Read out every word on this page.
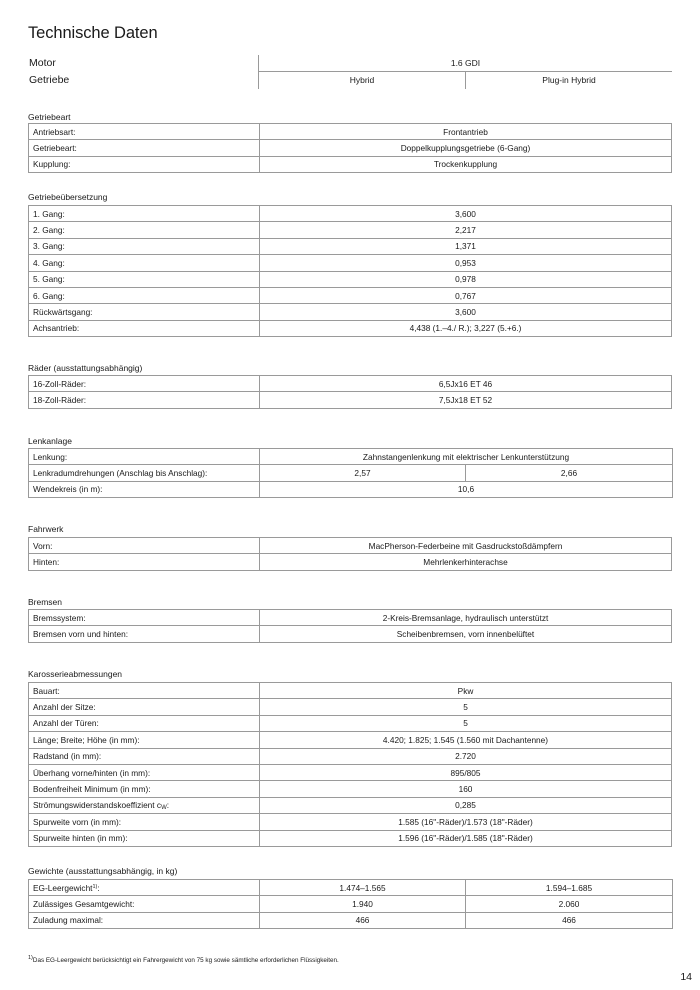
Technische Daten
Motor	1.6 GDI
Getriebe	Hybrid	Plug-in Hybrid
Getriebeart
Antriebsart:	Frontantrieb
Getriebeart:	Doppelkupplungsgetriebe (6-Gang)
Kupplung:	Trockenkupplung
Getriebeübersetzung
1. Gang:	3,600
2. Gang:	2,217
3. Gang:	1,371
4. Gang:	0,953
5. Gang:	0,978
6. Gang:	0,767
Rückwärtsgang:	3,600
Achsantrieb:	4,438 (1.–4./ R.); 3,227 (5.+6.)
Räder (ausstattungsabhängig)
16-Zoll-Räder:	6,5Jx16 ET 46
18-Zoll-Räder:	7,5Jx18 ET 52
Lenkanlage
Lenkung:	Zahnstangenlenkung mit elektrischer Lenkunterstützung	
Lenkradumdrehungen (Anschlag bis Anschlag):	2,57	2,66
Wendekreis (in m):	10,6	
Fahrwerk
Vorn:	MacPherson-Federbeine mit Gasdruckstoßdämpfern
Hinten:	Mehrlenkerhinterachse
Bremsen
Bremssystem:	2-Kreis-Bremsanlage, hydraulisch unterstützt
Bremsen vorn und hinten:	Scheibenbremsen, vorn innenbelüftet
Karosserieabmessungen
Bauart:	Pkw
Anzahl der Sitze:	5
Anzahl der Türen:	5
Länge; Breite; Höhe (in mm):	4.420; 1.825; 1.545 (1.560 mit Dachantenne)
Radstand (in mm):	2.720
Überhang vorne/hinten (in mm):	895/805
Bodenfreiheit Minimum (in mm):	160
Strömungswiderstandskoeffizient $c_W$:	0,285
Spurweite vorn (in mm):	1.585 (16"-Räder)/1.573 (18"-Räder)
Spurweite hinten (in mm):	1.596 (16"-Räder)/1.585 (18"-Räder)
Gewichte (ausstattungsabhängig, in kg)
EG-Leergewicht$^{1)}$:	1.474–1.565	1.594–1.685
Zulässiges Gesamtgewicht:	1.940	2.060
Zuladung maximal:	466	466
$^{1)}$Das EG-Leergewicht berücksichtigt ein Fahrergewicht von 75 kg sowie sämtliche erforderlichen Flüssigkeiten.
14
